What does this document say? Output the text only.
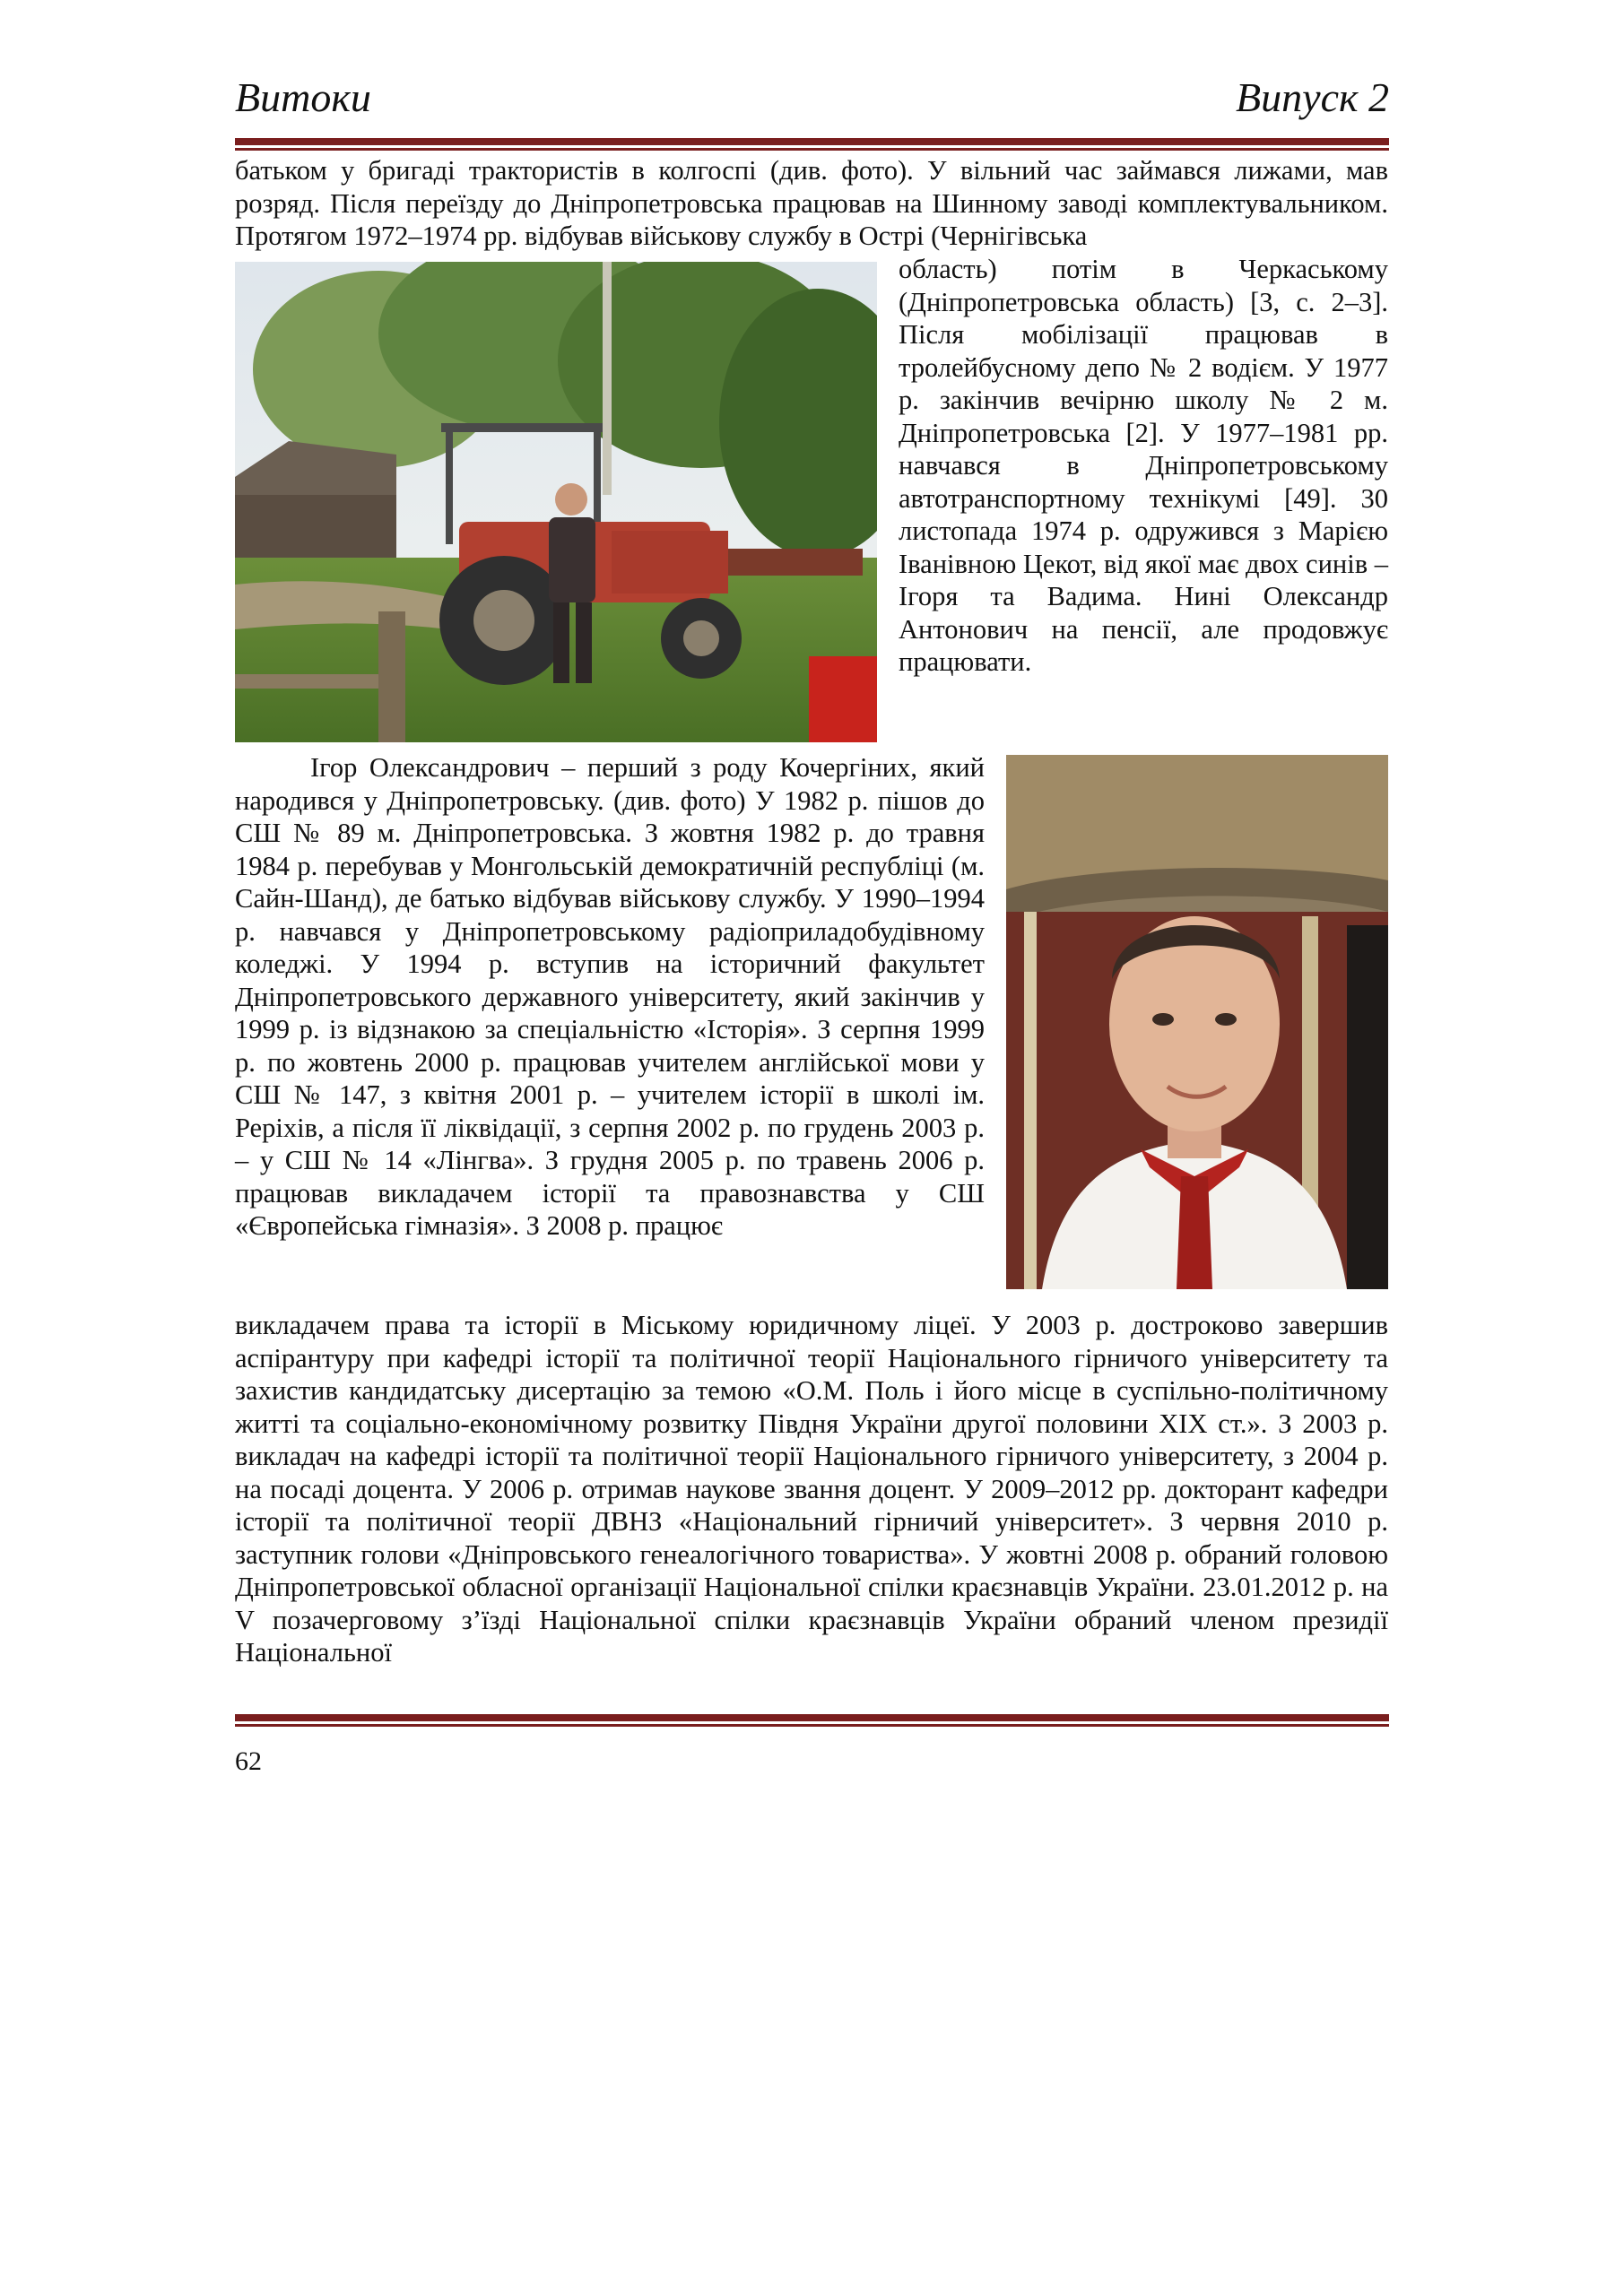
Витоки	Випуск 2

батьком у бригаді трактористів в колгоспі (див. фото). У вільний час займався лижами, мав розряд. Після переїзду до Дніпропетровська працював на Шинному заводі комплектувальником. Протягом 1972–1974 рр. відбував військову службу в Острі (Чернігівська

область) потім в Черкаському (Дніпропетровська область) [3, с. 2–3]. Після мобілізації працював в тролейбусному депо № 2 водієм. У 1977 р. закінчив вечірню школу № 2 м. Дніпропетровська [2]. У 1977–1981 рр. навчався в Дніпропетровському автотранспортному технікумі [49]. 30 листопада 1974 р. одружився з Марією Іванівною Цекот, від якої має двох синів – Ігоря та Вадима. Нині Олександр Антонович на пенсії, але продовжує працювати.

Ігор Олександрович – перший з роду Кочергіних, який народився у Дніпропетровську. (див. фото) У 1982 р. пішов до СШ № 89 м. Дніпропетровська. З жовтня 1982 р. до травня 1984 р. перебував у Монгольській демократичній республіці (м. Сайн-Шанд), де батько відбував військову службу. У 1990–1994 р. навчався у Дніпропетровському радіоприладобудівному коледжі. У 1994 р. вступив на історичний факультет Дніпропетровського державного університету, який закінчив у 1999 р. із відзнакою за спеціальністю «Історія». З серпня 1999 р. по жовтень 2000 р. працював учителем англійської мови у СШ № 147, з квітня 2001 р. – учителем історії в школі ім. Реріхів, а після її ліквідації, з серпня 2002 р. по грудень 2003 р. – у СШ № 14 «Лінгва». З грудня 2005 р. по травень 2006 р. працював викладачем історії та правознавства у СШ «Європейська гімназія». З 2008 р. працює

викладачем права та історії в Міському юридичному ліцеї. У 2003 р. достроково завершив аспірантуру при кафедрі історії та політичної теорії Національного гірничого університету та захистив кандидатську дисертацію за темою «О.М. Поль і його місце в суспільно-політичному житті та соціально-економічному розвитку Півдня України другої половини XIX ст.». З 2003 р. викладач на кафедрі історії та політичної теорії Національного гірничого університету, з 2004 р. на посаді доцента. У 2006 р. отримав наукове звання доцент. У 2009–2012 рр. докторант кафедри історії та політичної теорії ДВНЗ «Національний гірничий університет». З червня 2010 р. заступник голови «Дніпровського генеалогічного товариства». У жовтні 2008 р. обраний головою Дніпропетровської обласної організації Національної спілки краєзнавців України. 23.01.2012 р. на V позачерговому з’їзді Національної спілки краєзнавців України обраний членом президії Національної

62
